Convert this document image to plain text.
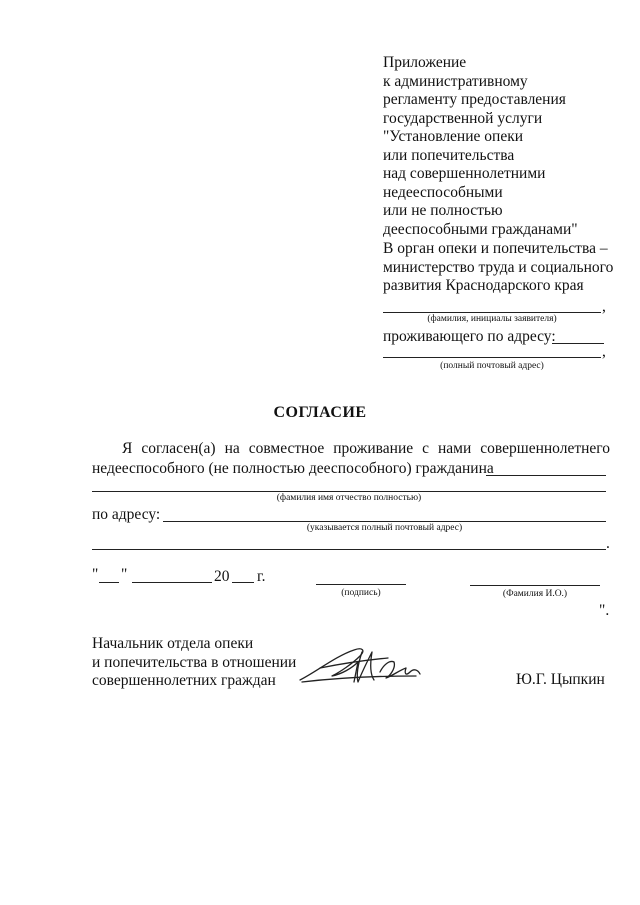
Приложение
к административному
регламенту предоставления
государственной услуги
"Установление опеки
или попечительства
над совершеннолетними
недееспособными
или не полностью
дееспособными гражданами"
В орган опеки и попечительства –
министерство труда и социального
развития Краснодарского края
,
(фамилия, инициалы заявителя)
проживающего по адресу:
,
(полный почтовый адрес)
СОГЛАСИЕ
Я согласен(а) на совместное проживание с нами совершеннолетнего
недееспособного (не полностью дееспособного) гражданина
(фамилия имя отчество полностью)
по адресу:
(указывается полный почтовый адрес)
.
" "	20 г.
(подпись)	(Фамилия И.О.)
".
Начальник отдела опеки
и попечительства в отношении
совершеннолетних граждан	Ю.Г. Цыпкин
